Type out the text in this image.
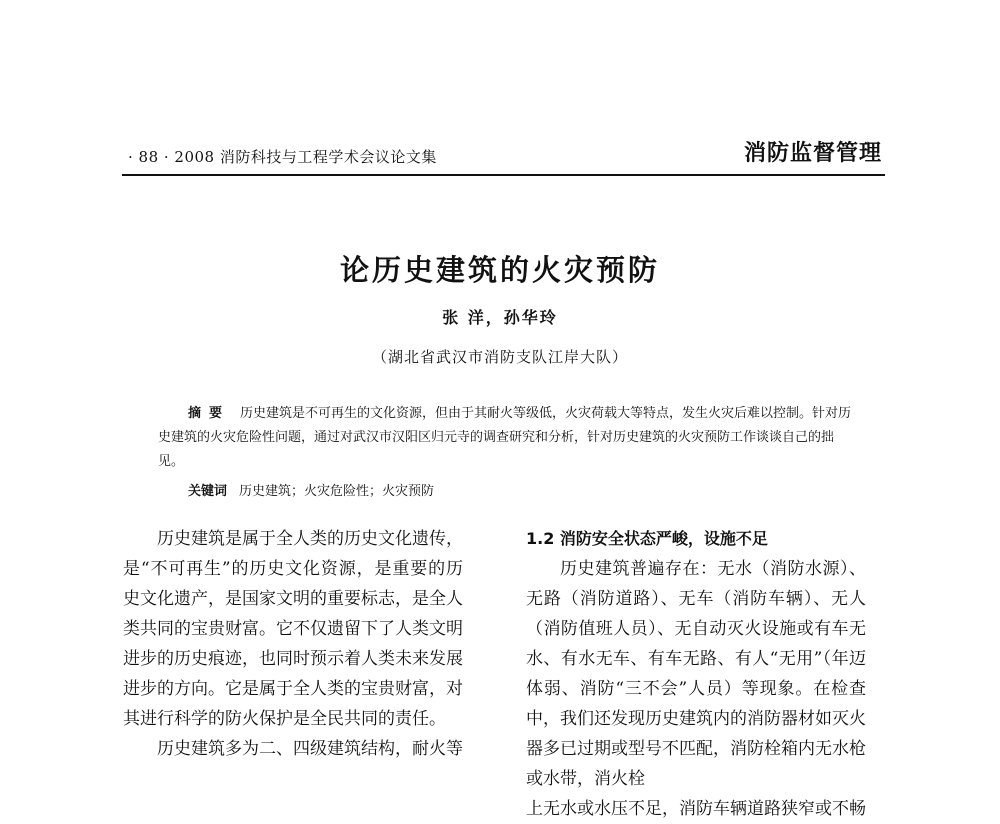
· 88 · 2008 消防科技与工程学术会议论文集	消防监督管理
论历史建筑的火灾预防
张 洋，孙华玲
（湖北省武汉市消防支队江岸大队）
摘要 历史建筑是不可再生的文化资源，但由于其耐火等级低，火灾荷载大等特点，发生火灾后难以控制。针对历史建筑的火灾危险性问题，通过对武汉市汉阳区归元寺的调查研究和分析，针对历史建筑的火灾预防工作谈谈自己的拙见。
关键词 历史建筑；火灾危险性；火灾预防

历史建筑是属于全人类的历史文化遗传，是“不可再生”的历史文化资源，是重要的历史文化遗产，是国家文明的重要标志，是全人类共同的宝贵财富。它不仅遗留下了人类文明进步的历史痕迹，也同时预示着人类未来发展进步的方向。它是属于全人类的宝贵财富，对其进行科学的防火保护是全民共同的责任。

历史建筑多为二、四级建筑结构，耐火等

1.2 消防安全状态严峻，设施不足

历史建筑普遍存在：无水（消防水源）、无路（消防道路）、无车（消防车辆）、无人（消防值班人员）、无自动灭火设施或有车无水、有水无车、有车无路、有人“无用”（年迈体弱、消防“三不会”人员）等现象。在检查中，我们还发现历史建筑内的消防器材如灭火器多已过期或型号不匹配，消防栓箱内无水枪或水带，消火栓

上无水或水压不足，消防车辆道路狭窄或不畅
